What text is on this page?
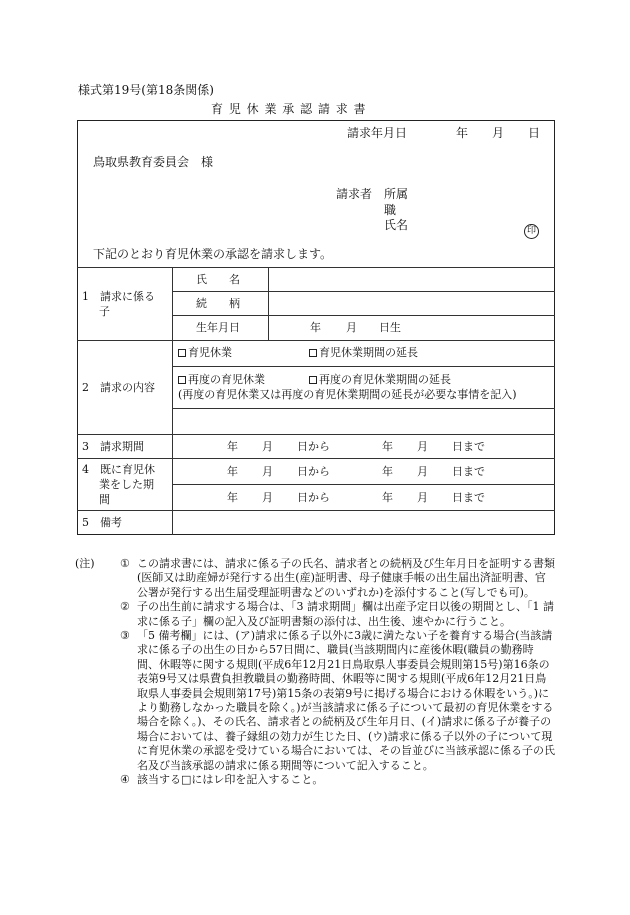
様式第19号(第18条関係)
育 児 休 業 承 認 請 求 書
請求年月日	年 月 日
鳥取県教育委員会　様
請求者 所属
職
氏名	印
下記のとおり育児休業の承認を請求します。
1　請求に係る
子
氏　　名
続　　柄
生年月日	年 月 日生
2　請求の内容
育児休業	育児休業期間の延長
再度の育児休業	再度の育児休業期間の延長
(再度の育児休業又は再度の育児休業期間の延長が必要な事情を記入)
3　請求期間	年 月 日から	年 月 日まで
4　既に育児休
業をした期
間
年 月 日から	年 月 日まで
年 月 日から	年 月 日まで
5　備考

(注) ① この請求書には、請求に係る子の氏名、請求者との続柄及び生年月日を証明する書類(医師又は助産婦が発行する出生(産)証明書、母子健康手帳の出生届出済証明書、官公署が発行する出生届受理証明書などのいずれか)を添付すること(写しでも可)。

② 子の出生前に請求する場合は、「3 請求期間」欄は出産予定日以後の期間とし、「1 請求に係る子」欄の記入及び証明書類の添付は、出生後、速やかに行うこと。

③ 「5 備考欄」には、(ア)請求に係る子以外に3歳に満たない子を養育する場合(当該請求に係る子の出生の日から57日間に、職員(当該期間内に産後休暇(職員の勤務時間、休暇等に関する規則(平成6年12月21日鳥取県人事委員会規則第15号)第16条の表第9号又は県費負担教職員の勤務時間、休暇等に関する規則(平成6年12月21日鳥取県人事委員会規則第17号)第15条の表第9号に掲げる場合における休暇をいう。)により勤務しなかった職員を除く。)が当該請求に係る子について最初の育児休業をする場合を除く。)、その氏名、請求者との続柄及び生年月日、(イ)請求に係る子が養子の場合においては、養子縁組の効力が生じた日、(ウ)請求に係る子以外の子について現に育児休業の承認を受けている場合においては、その旨並びに当該承認に係る子の氏名及び当該承認の請求に係る期間等について記入すること。

④ 該当する□にはレ印を記入すること。
